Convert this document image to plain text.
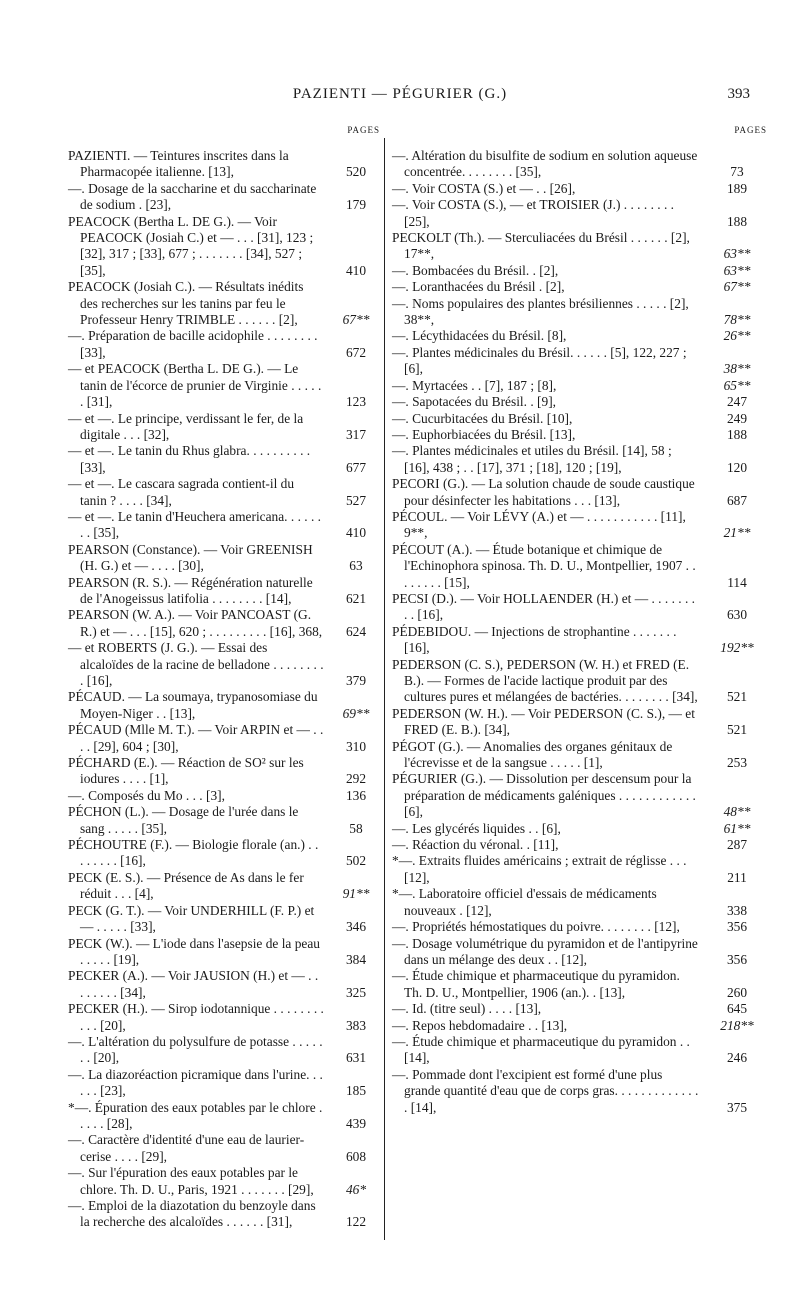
PAZIENTI — PÉGURIER (G.)	393
PAGES
PAZIENTI. — Teintures inscrites dans la Pharmacopée italienne. [13],	520
—. Dosage de la saccharine et du saccharinate de sodium . [23],	179
PEACOCK (Bertha L. DE G.). — Voir PEACOCK (Josiah C.) et — . . . [31], 123 ; [32], 317 ; [33], 677 ; . . . . . . . [34], 527 ; [35],	410
PEACOCK (Josiah C.). — Résultats inédits des recherches sur les tanins par feu le Professeur Henry TRIMBLE . . . . . . [2],	67**
—. Préparation de bacille acidophile . . . . . . . . [33],	672
— et PEACOCK (Bertha L. DE G.). — Le tanin de l'écorce de prunier de Virginie . . . . . . [31],	123
— et —. Le principe, verdissant le fer, de la digitale . . . [32],	317
— et —. Le tanin du Rhus glabra. . . . . . . . . . [33],	677
— et —. Le cascara sagrada contient-il du tanin ? . . . . [34],	527
— et —. Le tanin d'Heuchera americana. . . . . . . . [35],	410
PEARSON (Constance). — Voir GREENISH (H. G.) et — . . . . [30],	63
PEARSON (R. S.). — Régénération naturelle de l'Anogeissus latifolia . . . . . . . . [14],	621
PEARSON (W. A.). — Voir PANCOAST (G. R.) et — . . . [15], 620 ; . . . . . . . . . [16], 368,	624
— et ROBERTS (J. G.). — Essai des alcaloïdes de la racine de belladone . . . . . . . . . [16],	379
PÉCAUD. — La soumaya, trypanosomiase du Moyen-Niger . . [13],	69**
PÉCAUD (Mlle M. T.). — Voir ARPIN et — . . . . [29], 604 ; [30],	310
PÉCHARD (E.). — Réaction de SO² sur les iodures . . . . [1],	292
—. Composés du Mo . . . [3],	136
PÉCHON (L.). — Dosage de l'urée dans le sang . . . . . [35],	58
PÉCHOUTRE (F.). — Biologie florale (an.) . . . . . . . . [16],	502
PECK (E. S.). — Présence de As dans le fer réduit . . . [4],	91**
PECK (G. T.). — Voir UNDERHILL (F. P.) et — . . . . . [33],	346
PECK (W.). — L'iode dans l'asepsie de la peau . . . . . [19],	384
PECKER (A.). — Voir JAUSION (H.) et — . . . . . . . . [34],	325
PECKER (H.). — Sirop iodotannique . . . . . . . . . . . [20],	383
—. L'altération du polysulfure de potasse . . . . . . . [20],	631
—. La diazoréaction picramique dans l'urine. . . . . . [23],	185
*—. Épuration des eaux potables par le chlore . . . . . [28],	439
—. Caractère d'identité d'une eau de laurier-cerise . . . . [29],	608
—. Sur l'épuration des eaux potables par le chlore. Th. D. U., Paris, 1921 . . . . . . . [29],	46*
—. Emploi de la diazotation du benzoyle dans la recherche des alcaloïdes . . . . . . [31],	122
PAGES
—. Altération du bisulfite de sodium en solution aqueuse concentrée. . . . . . . . [35],	73
—. Voir COSTA (S.) et — . . [26],	189
—. Voir COSTA (S.), — et TROISIER (J.) . . . . . . . . [25],	188
PECKOLT (Th.). — Sterculiacées du Brésil . . . . . . [2], 17**,	63**
—. Bombacées du Brésil. . [2],	63**
—. Loranthacées du Brésil . [2],	67**
—. Noms populaires des plantes brésiliennes . . . . . [2], 38**,	78**
—. Lécythidacées du Brésil. [8],	26**
—. Plantes médicinales du Brésil. . . . . . [5], 122, 227 ; [6],	38**
—. Myrtacées . . [7], 187 ; [8],	65**
—. Sapotacées du Brésil. . [9],	247
—. Cucurbitacées du Brésil. [10],	249
—. Euphorbiacées du Brésil. [13],	188
—. Plantes médicinales et utiles du Brésil. [14], 58 ; [16], 438 ; . . [17], 371 ; [18], 120 ; [19],	120
PECORI (G.). — La solution chaude de soude caustique pour désinfecter les habitations . . . [13],	687
PÉCOUL. — Voir LÉVY (A.) et — . . . . . . . . . . . [11], 9**,	21**
PÉCOUT (A.). — Étude botanique et chimique de l'Echinophora spinosa. Th. D. U., Montpellier, 1907 . . . . . . . . [15],	114
PECSI (D.). — Voir HOLLAENDER (H.) et — . . . . . . . . . [16],	630
PÉDEBIDOU. — Injections de strophantine . . . . . . . [16],	192**
PEDERSON (C. S.), PEDERSON (W. H.) et FRED (E. B.). — Formes de l'acide lactique produit par des cultures pures et mélangées de bactéries. . . . . . . . [34],	521
PEDERSON (W. H.). — Voir PEDERSON (C. S.), — et FRED (E. B.). [34],	521
PÉGOT (G.). — Anomalies des organes génitaux de l'écrevisse et de la sangsue . . . . . [1],	253
PÉGURIER (G.). — Dissolution per descensum pour la préparation de médicaments galéniques . . . . . . . . . . . . [6],	48**
—. Les glycérés liquides . . [6],	61**
—. Réaction du véronal. . [11],	287
*—. Extraits fluides américains ; extrait de réglisse . . . [12],	211
*—. Laboratoire officiel d'essais de médicaments nouveaux . [12],	338
—. Propriétés hémostatiques du poivre. . . . . . . . [12],	356
—. Dosage volumétrique du pyramidon et de l'antipyrine dans un mélange des deux . . [12],	356
—. Étude chimique et pharmaceutique du pyramidon. Th. D. U., Montpellier, 1906 (an.). . [13],	260
—. Id. (titre seul) . . . . [13],	645
—. Repos hebdomadaire . . [13],	218**
—. Étude chimique et pharmaceutique du pyramidon . . [14],	246
—. Pommade dont l'excipient est formé d'une plus grande quantité d'eau que de corps gras. . . . . . . . . . . . . . [14],	375
